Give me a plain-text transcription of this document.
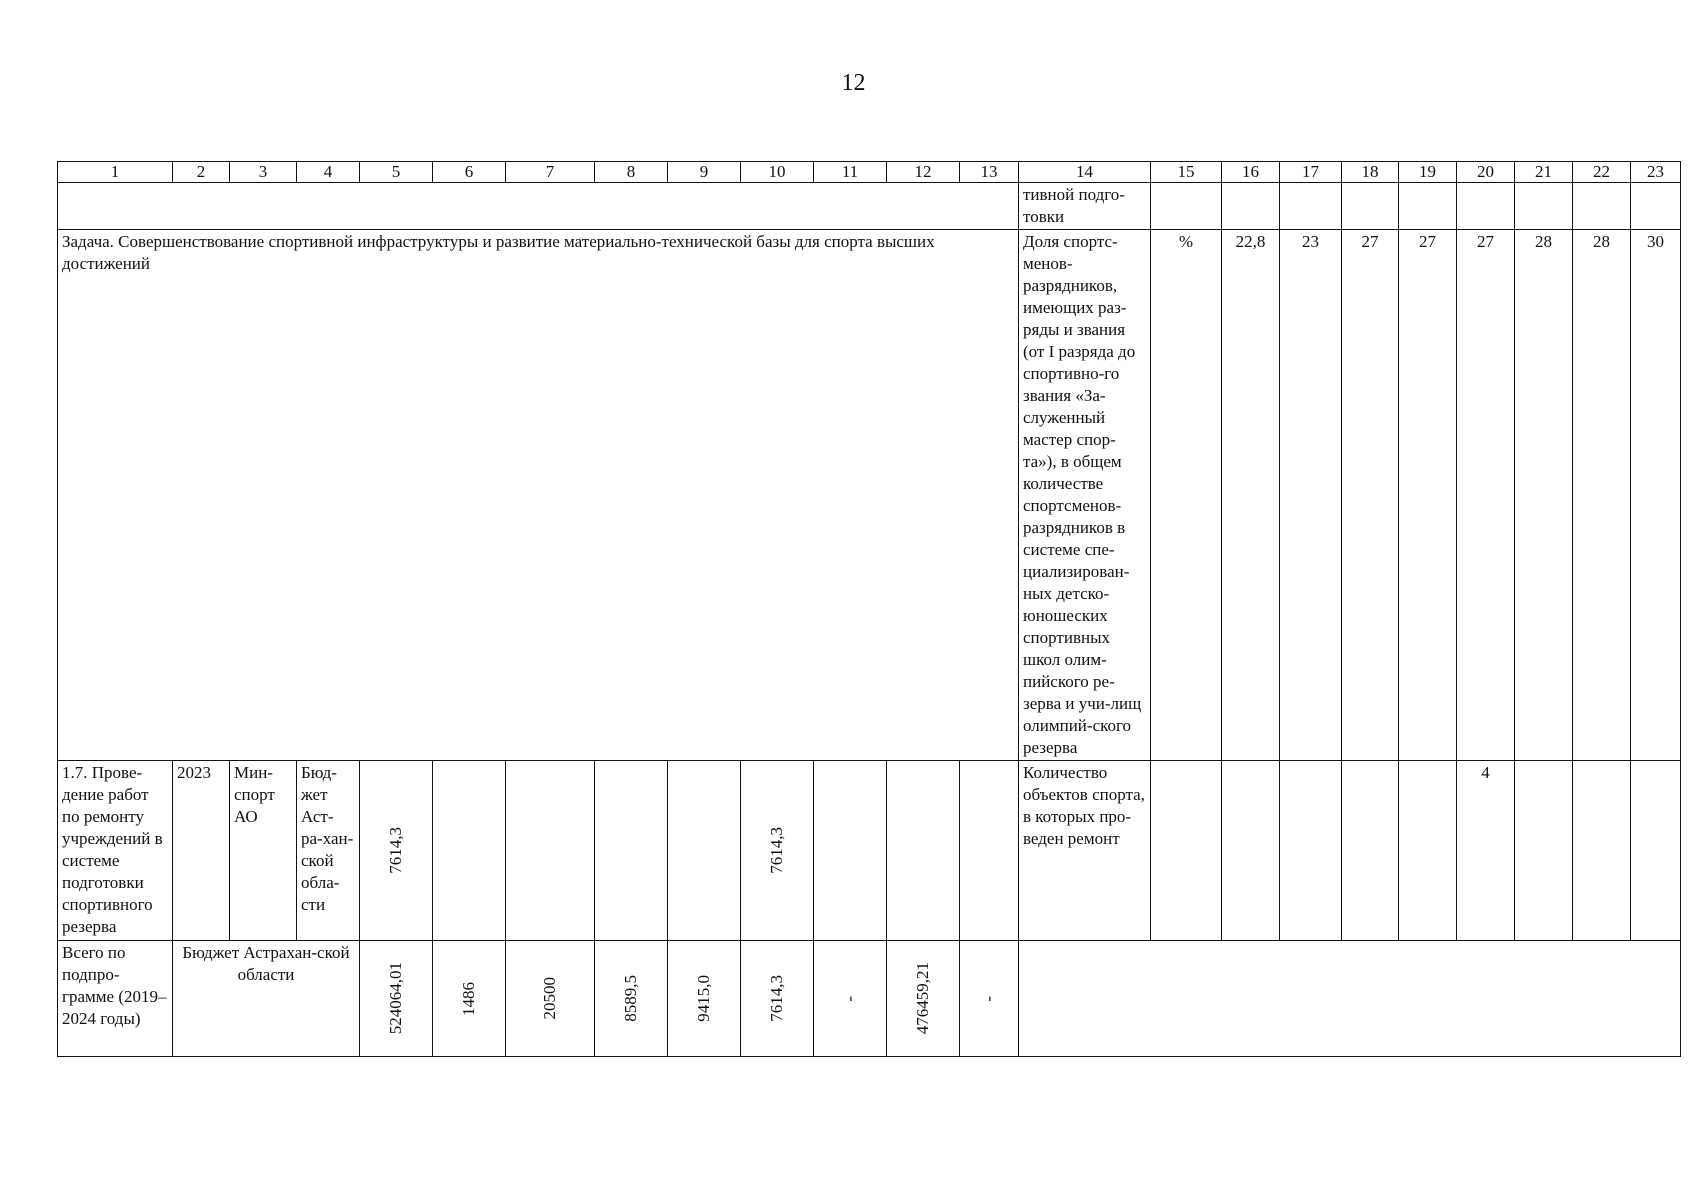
12
1	2	3	4	5	6	7	8	9	10	11	12	13	14	15	16	17	18	19	20	21	22	23
													тивной подго-товки									
Задача. Совершенствование спортивной инфраструктуры и развитие материально-технической базы для спорта высших достижений													Доля спортс-менов-разрядников, имеющих раз-ряды и звания (от I разряда до спортивно-го звания «За-служенный мастер спор-та»), в общем количестве спортсменов-разрядников в системе спе-циализирован-ных детско-юношеских спортивных школ олим-пийского ре-зерва и учи-лищ олимпий-ского резерва	%	22,8	23	27	27	27	28	28	30
1.7. Прове-дение работ по ремонту учреждений в системе подготовки спортивного резерва	2023	Мин-спорт АО	Бюд-жет Аст-ра-хан-ской обла-сти	7614,3					7614,3				Количество объектов спорта, в которых про-веден ремонт						4			
Всего по подпро-грамме (2019–2024 годы)	Бюджет Астрахан-ской области			524064,01	1486	20500	8589,5	9415,0	7614,3	-	476459,21	-										
